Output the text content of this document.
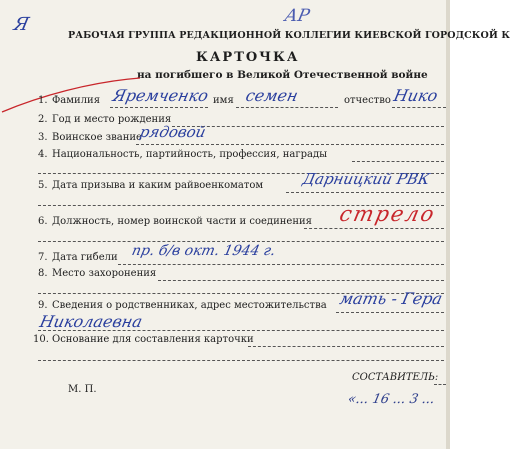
Я	АР
РАБОЧАЯ ГРУППА РЕДАКЦИОННОЙ КОЛЛЕГИИ КИЕВСКОЙ ГОРОДСКОЙ К
КАРТОЧКА
на погибшего в Великой Отечественной войне
1. Фамилия Яремченко имя семен	отчество Нико
2. Год и место рождения
3. Воинское звание
рядовой
4. Национальность, партийность, профессия, награды
5. Дата призыва и каким райвоенкоматом	Дарницкий РВК
6. Должность, номер воинской части и соединения стрело
7. Дата гибели пр. б/в окт. 1944 г.
8. Место захоронения
9. Сведения о родственниках, адрес местожительства мать - Гера
Николаевна
10. Основание для составления карточки
М. П.
СОСТАВИТЕЛЬ:
«... 16 ... 3 ...
